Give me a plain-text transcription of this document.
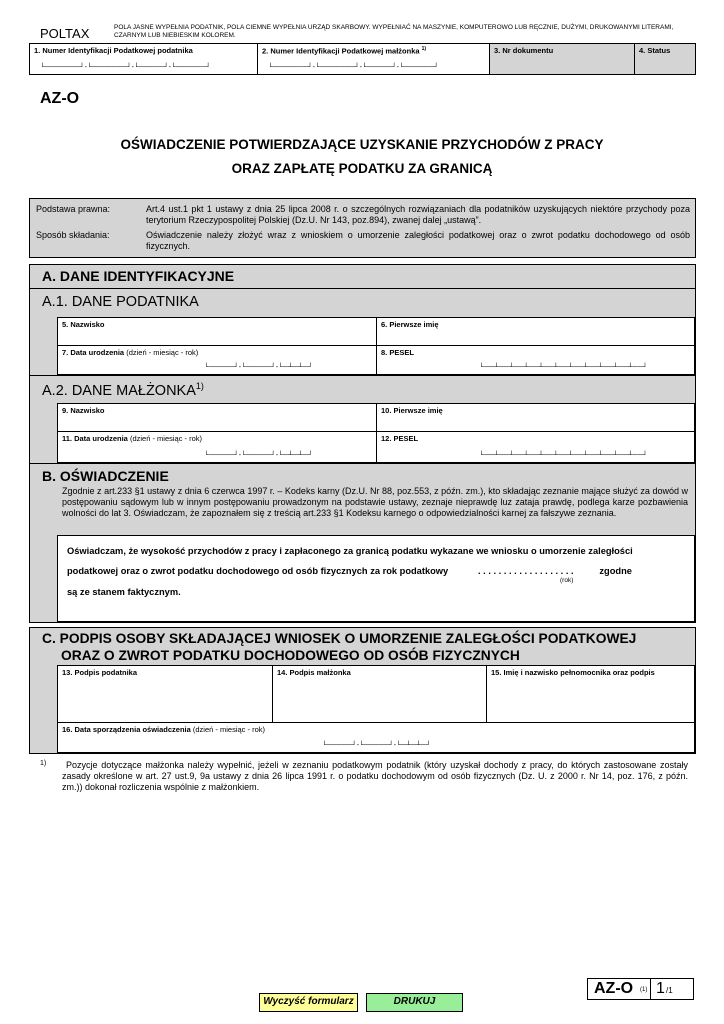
POLTAX	POLA JASNE WYPEŁNIA PODATNIK, POLA CIEMNE WYPEŁNIA URZĄD SKARBOWY. WYPEŁNIAĆ NA MASZYNIE, KOMPUTEROWO LUB RĘCZNIE, DUŻYMI, DRUKOWANYMI LITERAMI, CZARNYM LUB NIEBIESKIM KOLOREM.
1. Numer Identyfikacji Podatkowej podatnika
└───────┘-└───────┘-└─────┘-└──────┘
2. Numer Identyfikacji Podatkowej małżonka $^{1)}$
└───────┘-└───────┘-└─────┘-└──────┘
3. Nr dokumentu	4. Status
AZ-O
OŚWIADCZENIE POTWIERDZAJĄCE UZYSKANIE PRZYCHODÓW Z PRACY
ORAZ ZAPŁATĘ PODATKU ZA GRANICĄ
Podstawa prawna:	Art.4 ust.1 pkt 1 ustawy z dnia 25 lipca 2008 r. o szczególnych rozwiązaniach dla podatników uzyskujących niektóre przychody poza terytorium Rzeczypospolitej Polskiej (Dz.U. Nr 143, poz.894), zwanej dalej „ustawą”.
Sposób składania:	Oświadczenie należy złożyć wraz z wnioskiem o umorzenie zaległości podatkowej oraz o zwrot podatku dochodowego od osób fizycznych.
A. DANE IDENTYFIKACYJNE
A.1. DANE PODATNIKA
5. Nazwisko	6. Pierwsze imię
7. Data urodzenia (dzień - miesiąc - rok)
└─────┘-└─────┘-└─┴─┴─┘
8. PESEL
└──┴──┴──┴──┴──┴──┴──┴──┴──┴──┴──┘
A.2. DANE MAŁŻONKA$^{1)}$
9. Nazwisko	10. Pierwsze imię
11. Data urodzenia (dzień - miesiąc - rok)
└─────┘-└─────┘-└─┴─┴─┘
12. PESEL
└──┴──┴──┴──┴──┴──┴──┴──┴──┴──┴──┘
B. OŚWIADCZENIE
Zgodnie z art.233 §1 ustawy z dnia 6 czerwca 1997 r. – Kodeks karny (Dz.U. Nr 88, poz.553, z późn. zm.), kto składając zeznanie mające służyć za dowód w postępowaniu sądowym lub w innym postępowaniu prowadzonym na podstawie ustawy, zeznaje nieprawdę luz zataja prawdę, podlega karze pozbawienia wolności do lat 3. Oświadczam, że zapoznałem się z treścią art.233 §1 Kodeksu karnego o odpowiedzialności karnej za fałszywe zeznania.
Oświadczam, że wysokość przychodów z pracy i zapłaconego za granicą podatku wykazane we wniosku o umorzenie zaległości
podatkowej oraz o zwrot podatku dochodowego od osób fizycznych za rok podatkowy	. . . . . . . . . . . . . . . . . . .	zgodne
(rok)
są ze stanem faktycznym.
C. PODPIS OSOBY SKŁADAJĄCEJ WNIOSEK O UMORZENIE ZALEGŁOŚCI PODATKOWEJ
ORAZ O ZWROT PODATKU DOCHODOWEGO OD OSÓB FIZYCZNYCH
13. Podpis podatnika	14. Podpis małżonka	15. Imię i nazwisko pełnomocnika oraz podpis
16. Data sporządzenia oświadczenia (dzień - miesiąc - rok)
└─────┘-└─────┘-└─┴─┴─┘
1)	Pozycje dotyczące małżonka należy wypełnić, jeżeli w zeznaniu podatkowym podatnik (który uzyskał dochody z pracy, do których zastosowane zostały zasady określone w art. 27 ust.9, 9a ustawy z dnia 26 lipca 1991 r. o podatku dochodowym od osób fizycznych (Dz. U. z 2000 r. Nr 14, poz. 176, z późn. zm.)) dokonał rozliczenia wspólnie z małżonkiem.
AZ-O (1) 1 /1
Wyczyść formularz	DRUKUJ
